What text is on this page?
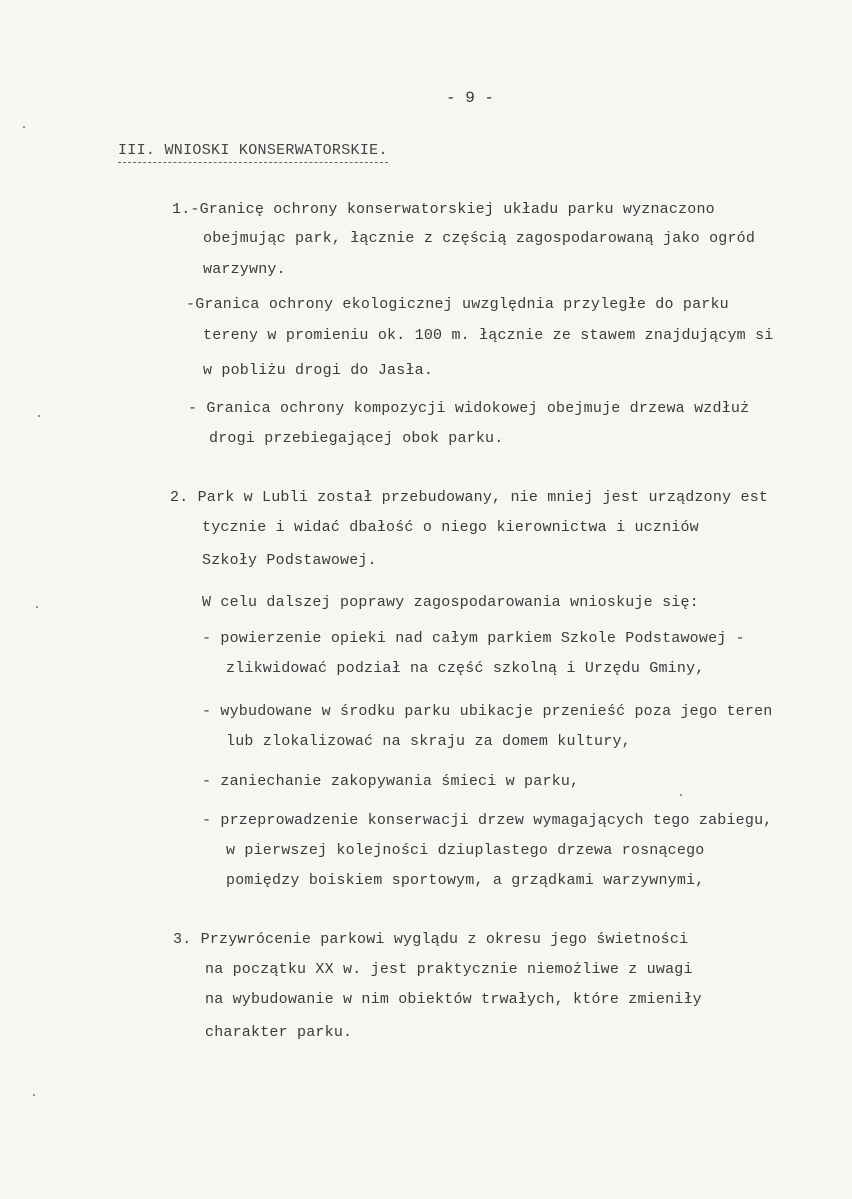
- 9 -
III. WNIOSKI KONSERWATORSKIE.
1.-Granicę ochrony konserwatorskiej układu parku wyznaczono
obejmując park, łącznie z częścią zagospodarowaną jako ogród
warzywny.
-Granica ochrony ekologicznej uwzględnia przyległe do parku
tereny w promieniu ok. 100 m. łącznie ze stawem znajdującym si
w pobliżu drogi do Jasła.
- Granica ochrony kompozycji widokowej obejmuje drzewa wzdłuż
drogi przebiegającej obok parku.
2. Park w Lubli został przebudowany, nie mniej jest urządzony est
tycznie i widać dbałość o niego kierownictwa i uczniów
Szkoły Podstawowej.
W celu dalszej poprawy zagospodarowania wnioskuje się:
- powierzenie opieki nad całym parkiem Szkole Podstawowej -
zlikwidować podział na część szkolną i Urzędu Gminy,
- wybudowane w środku parku ubikacje przenieść poza jego teren
lub zlokalizować na skraju za domem kultury,
- zaniechanie zakopywania śmieci w parku,
- przeprowadzenie konserwacji drzew wymagających tego zabiegu,
w pierwszej kolejności dziuplastego drzewa rosnącego
pomiędzy boiskiem sportowym, a grządkami warzywnymi,
3. Przywrócenie parkowi wyglądu z okresu jego świetności
na początku XX w. jest praktycznie niemożliwe z uwagi
na wybudowanie w nim obiektów trwałych, które zmieniły
charakter parku.
